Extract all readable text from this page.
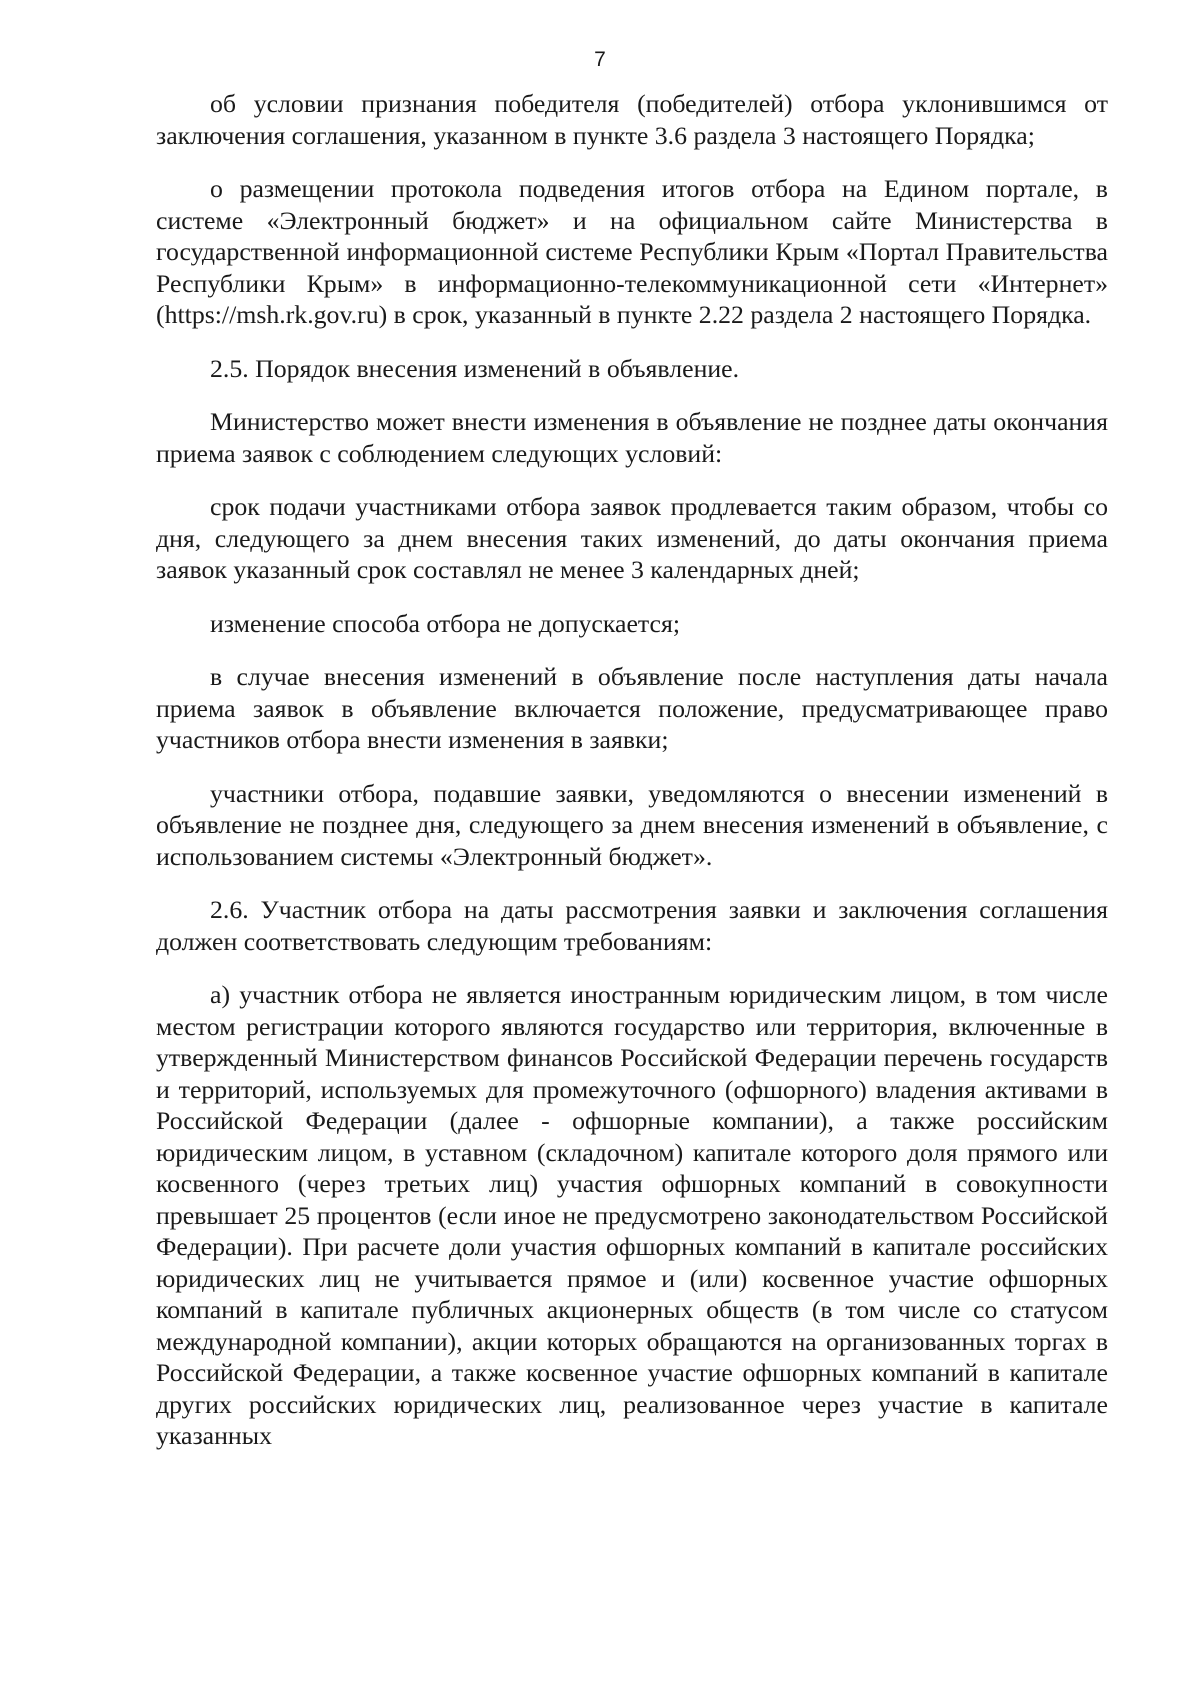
7

об условии признания победителя (победителей) отбора уклонившимся от заключения соглашения, указанном в пункте 3.6 раздела 3 настоящего Порядка;

о размещении протокола подведения итогов отбора на Едином портале, в системе «Электронный бюджет» и на официальном сайте Министерства в государственной информационной системе Республики Крым «Портал Правительства Республики Крым» в информационно-телекоммуникационной сети «Интернет» (https://msh.rk.gov.ru) в срок, указанный в пункте 2.22 раздела 2 настоящего Порядка.

2.5. Порядок внесения изменений в объявление.

Министерство может внести изменения в объявление не позднее даты окончания приема заявок с соблюдением следующих условий:

срок подачи участниками отбора заявок продлевается таким образом, чтобы со дня, следующего за днем внесения таких изменений, до даты окончания приема заявок указанный срок составлял не менее 3 календарных дней;

изменение способа отбора не допускается;

в случае внесения изменений в объявление после наступления даты начала приема заявок в объявление включается положение, предусматривающее право участников отбора внести изменения в заявки;

участники отбора, подавшие заявки, уведомляются о внесении изменений в объявление не позднее дня, следующего за днем внесения изменений в объявление, с использованием системы «Электронный бюджет».

2.6. Участник отбора на даты рассмотрения заявки и заключения соглашения должен соответствовать следующим требованиям:

а) участник отбора не является иностранным юридическим лицом, в том числе местом регистрации которого являются государство или территория, включенные в утвержденный Министерством финансов Российской Федерации перечень государств и территорий, используемых для промежуточного (офшорного) владения активами в Российской Федерации (далее - офшорные компании), а также российским юридическим лицом, в уставном (складочном) капитале которого доля прямого или косвенного (через третьих лиц) участия офшорных компаний в совокупности превышает 25 процентов (если иное не предусмотрено законодательством Российской Федерации). При расчете доли участия офшорных компаний в капитале российских юридических лиц не учитывается прямое и (или) косвенное участие офшорных компаний в капитале публичных акционерных обществ (в том числе со статусом международной компании), акции которых обращаются на организованных торгах в Российской Федерации, а также косвенное участие офшорных компаний в капитале других российских юридических лиц, реализованное через участие в капитале указанных
